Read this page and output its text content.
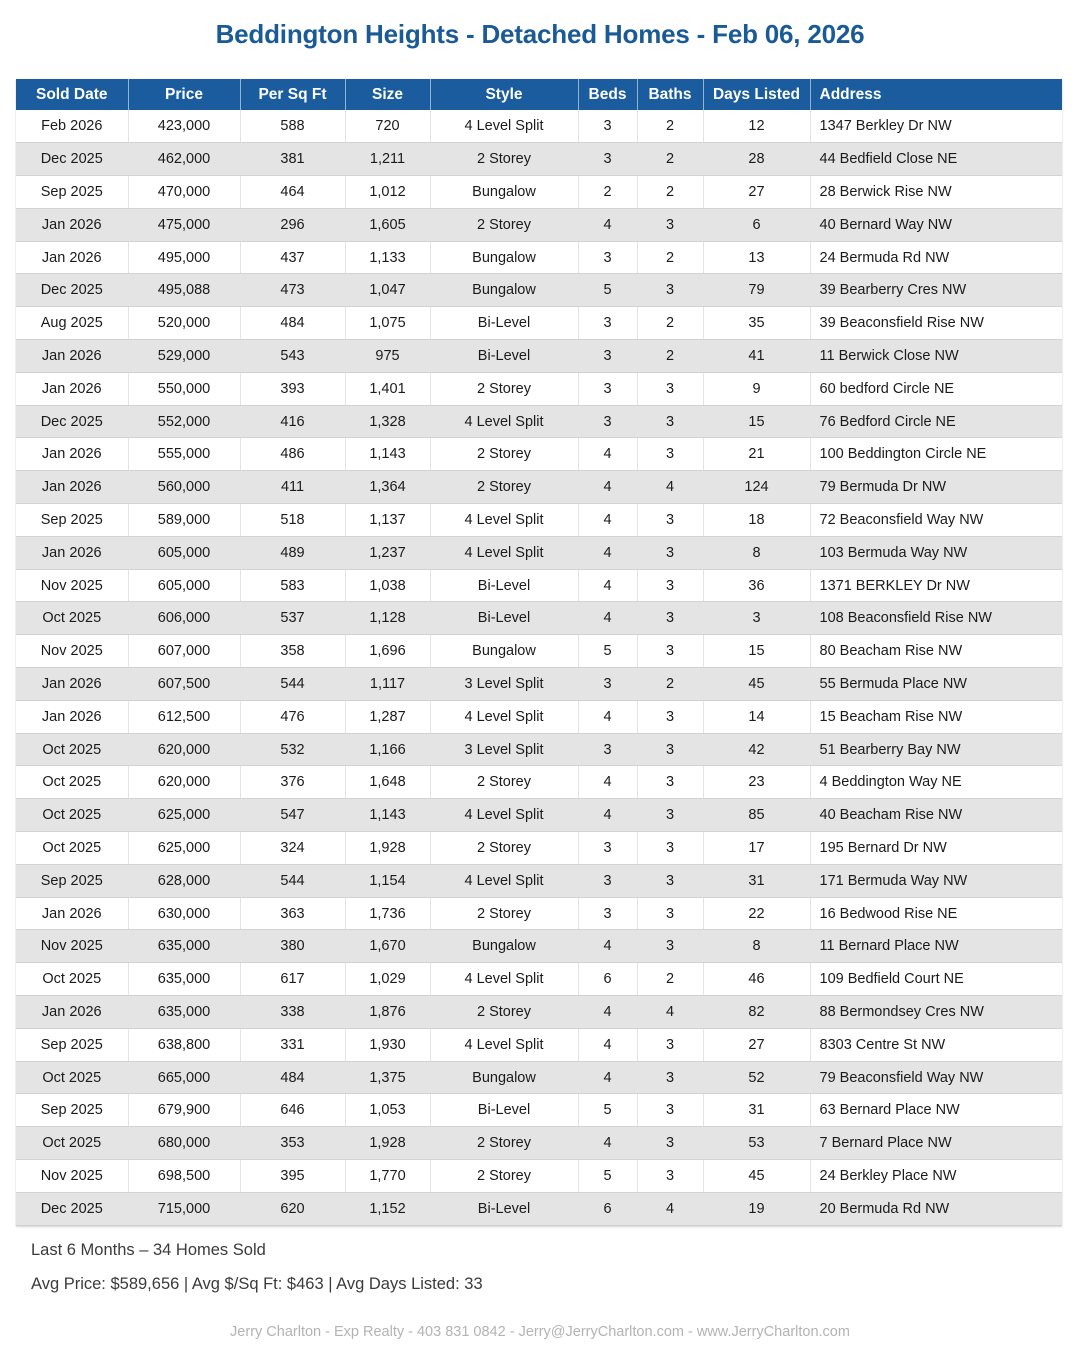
Beddington Heights - Detached Homes - Feb 06, 2026
Sold Date	Price	Per Sq Ft	Size	Style	Beds	Baths	Days Listed	Address
Feb 2026	423,000	588	720	4 Level Split	3	2	12	1347 Berkley Dr NW
Dec 2025	462,000	381	1,211	2 Storey	3	2	28	44 Bedfield Close NE
Sep 2025	470,000	464	1,012	Bungalow	2	2	27	28 Berwick Rise NW
Jan 2026	475,000	296	1,605	2 Storey	4	3	6	40 Bernard Way NW
Jan 2026	495,000	437	1,133	Bungalow	3	2	13	24 Bermuda Rd NW
Dec 2025	495,088	473	1,047	Bungalow	5	3	79	39 Bearberry Cres NW
Aug 2025	520,000	484	1,075	Bi-Level	3	2	35	39 Beaconsfield Rise NW
Jan 2026	529,000	543	975	Bi-Level	3	2	41	11 Berwick Close NW
Jan 2026	550,000	393	1,401	2 Storey	3	3	9	60 bedford Circle NE
Dec 2025	552,000	416	1,328	4 Level Split	3	3	15	76 Bedford Circle NE
Jan 2026	555,000	486	1,143	2 Storey	4	3	21	100 Beddington Circle NE
Jan 2026	560,000	411	1,364	2 Storey	4	4	124	79 Bermuda Dr NW
Sep 2025	589,000	518	1,137	4 Level Split	4	3	18	72 Beaconsfield Way NW
Jan 2026	605,000	489	1,237	4 Level Split	4	3	8	103 Bermuda Way NW
Nov 2025	605,000	583	1,038	Bi-Level	4	3	36	1371 BERKLEY Dr NW
Oct 2025	606,000	537	1,128	Bi-Level	4	3	3	108 Beaconsfield Rise NW
Nov 2025	607,000	358	1,696	Bungalow	5	3	15	80 Beacham Rise NW
Jan 2026	607,500	544	1,117	3 Level Split	3	2	45	55 Bermuda Place NW
Jan 2026	612,500	476	1,287	4 Level Split	4	3	14	15 Beacham Rise NW
Oct 2025	620,000	532	1,166	3 Level Split	3	3	42	51 Bearberry Bay NW
Oct 2025	620,000	376	1,648	2 Storey	4	3	23	4 Beddington Way NE
Oct 2025	625,000	547	1,143	4 Level Split	4	3	85	40 Beacham Rise NW
Oct 2025	625,000	324	1,928	2 Storey	3	3	17	195 Bernard Dr NW
Sep 2025	628,000	544	1,154	4 Level Split	3	3	31	171 Bermuda Way NW
Jan 2026	630,000	363	1,736	2 Storey	3	3	22	16 Bedwood Rise NE
Nov 2025	635,000	380	1,670	Bungalow	4	3	8	11 Bernard Place NW
Oct 2025	635,000	617	1,029	4 Level Split	6	2	46	109 Bedfield Court NE
Jan 2026	635,000	338	1,876	2 Storey	4	4	82	88 Bermondsey Cres NW
Sep 2025	638,800	331	1,930	4 Level Split	4	3	27	8303 Centre St NW
Oct 2025	665,000	484	1,375	Bungalow	4	3	52	79 Beaconsfield Way NW
Sep 2025	679,900	646	1,053	Bi-Level	5	3	31	63 Bernard Place NW
Oct 2025	680,000	353	1,928	2 Storey	4	3	53	7 Bernard Place NW
Nov 2025	698,500	395	1,770	2 Storey	5	3	45	24 Berkley Place NW
Dec 2025	715,000	620	1,152	Bi-Level	6	4	19	20 Bermuda Rd NW
Last 6 Months – 34 Homes Sold
Avg Price: $589,656 | Avg $/Sq Ft: $463 | Avg Days Listed: 33
Jerry Charlton - Exp Realty - 403 831 0842 - Jerry@JerryCharlton.com - www.JerryCharlton.com
